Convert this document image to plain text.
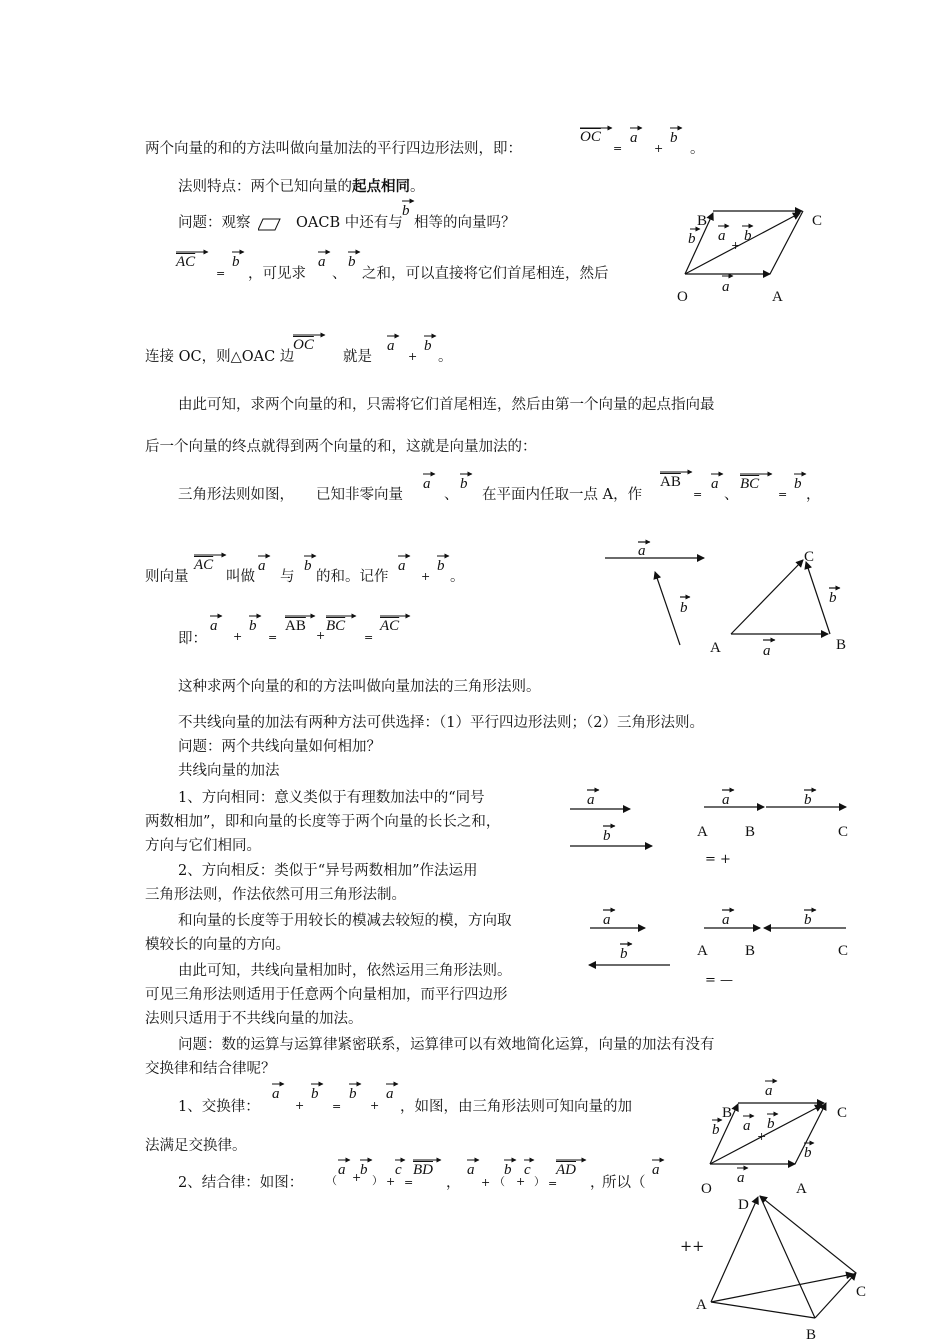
两个向量的和的方法叫做向量加法的平行四边形法则，即：
$\overline{OC}$
=
a
+
b
。
法则特点：两个已知向量的起点相同。
问题：观察	OACB 中还有与
b
相等的向量吗？
$\overline{AC}$
=
b
，可见求
a
、
b
之和，可以直接将它们首尾相连，然后
连接 OC，则△OAC 边
$\overline{OC}$
就是
a
+
b
。
由此可知，求两个向量的和，只需将它们首尾相连，然后由第一个向量的起点指向最
后一个向量的终点就得到两个向量的和，这就是向量加法的：
三角形法则如图， 已知非零向量
a
、
b
在平面内任取一点 A，作
$\overline{AB}$
=
a
、
$\overline{BC}$
=
b
，
则向量
$\overline{AC}$
叫做
a
与
b
的和。记作
a
+
b
。
即：
a
+
b
=
$\overline{AB}$
+
$\overline{BC}$
=
$\overline{AC}$
这种求两个向量的和的方法叫做向量加法的三角形法则。
不共线向量的加法有两种方法可供选择：（1）平行四边形法则；（2）三角形法则。
问题：两个共线向量如何相加？
共线向量的加法
1、方向相同：意义类似于有理数加法中的“同号
两数相加”，即和向量的长度等于两个向量的长长之和，
方向与它们相同。
2、方向相反：类似于“异号两数相加”作法运用
三角形法则，作法依然可用三角形法制。
和向量的长度等于用较长的模减去较短的模，方向取
模较长的向量的方向。
由此可知，共线向量相加时，依然运用三角形法则。
可见三角形法则适用于任意两个向量相加，而平行四边形
法则只适用于不共线向量的加法。
问题：数的运算与运算律紧密联系，运算律可以有效地简化运算，向量的加法有没有
交换律和结合律呢？
1、交换律：
a
+
b
=
b
+
a
，如图，由三角形法则可知向量的加
法满足交换律。
2、结合律：如图： （
a +
b
） +
c
=
$\overline{BD}$
，
a
+ （
b
+
c
） =
$\overline{AD}$
，
所以（
a
++
B	C
O	A
b a
+
b
a
a
b
C
b
A	a	B
a
b
a	b
A B	C
= +
a
b
a	b
A B	C
= —
a
B	C
b a
+
b
b
a
O	A
D
C
A
B
